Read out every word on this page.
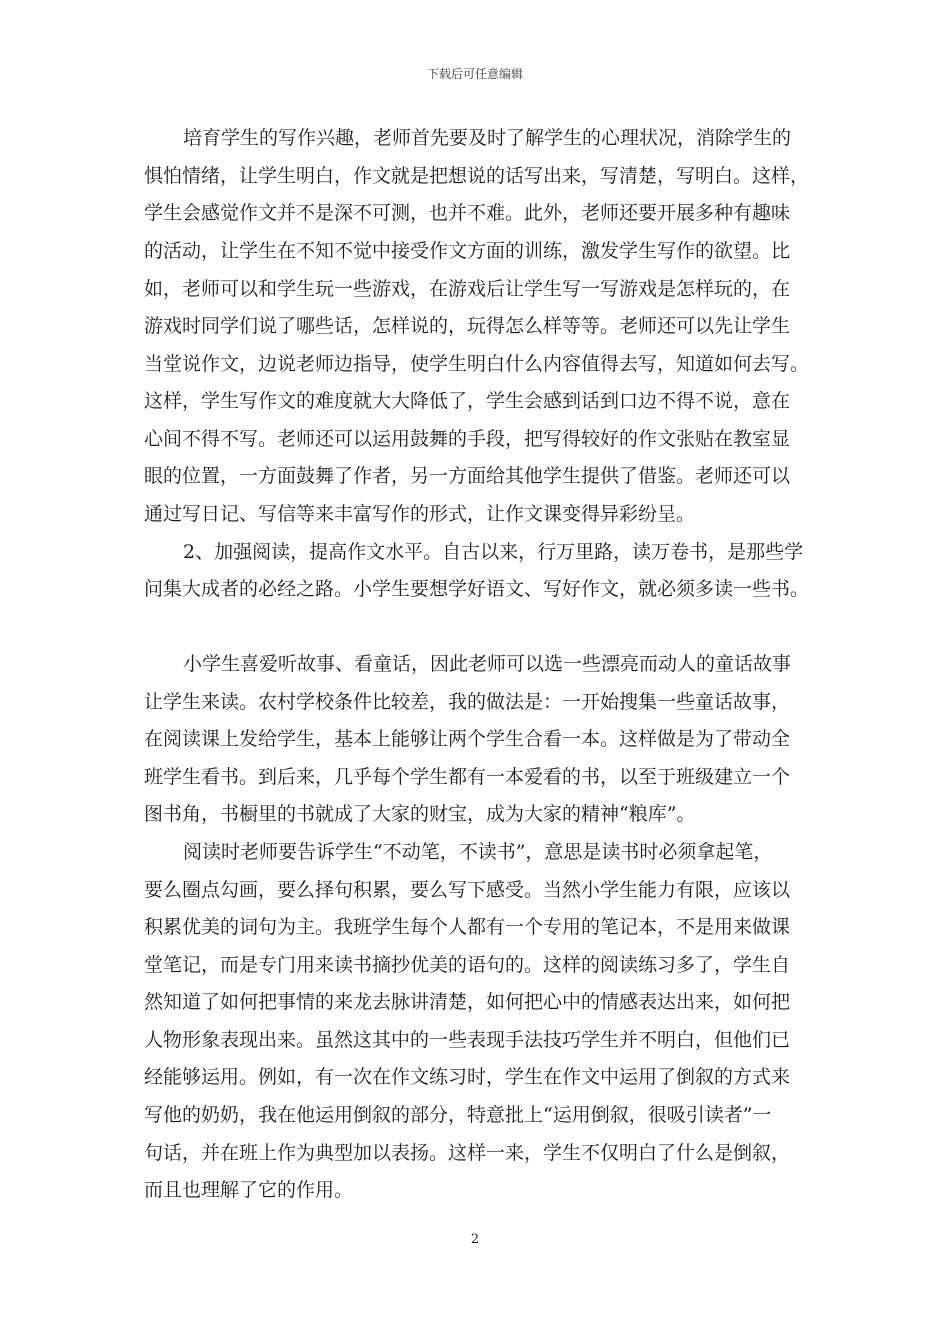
下载后可任意编辑
培育学生的写作兴趣，老师首先要及时了解学生的心理状况，消除学生的
惧怕情绪，让学生明白，作文就是把想说的话写出来，写清楚，写明白。这样，
学生会感觉作文并不是深不可测，也并不难。此外，老师还要开展多种有趣味
的活动，让学生在不知不觉中接受作文方面的训练，激发学生写作的欲望。比
如，老师可以和学生玩一些游戏，在游戏后让学生写一写游戏是怎样玩的，在
游戏时同学们说了哪些话，怎样说的，玩得怎么样等等。老师还可以先让学生
当堂说作文，边说老师边指导，使学生明白什么内容值得去写，知道如何去写。
这样，学生写作文的难度就大大降低了，学生会感到话到口边不得不说，意在
心间不得不写。老师还可以运用鼓舞的手段，把写得较好的作文张贴在教室显
眼的位置，一方面鼓舞了作者，另一方面给其他学生提供了借鉴。老师还可以
通过写日记、写信等来丰富写作的形式，让作文课变得异彩纷呈。
2、加强阅读，提高作文水平。自古以来，行万里路，读万卷书，是那些学
问集大成者的必经之路。小学生要想学好语文、写好作文，就必须多读一些书。
小学生喜爱听故事、看童话，因此老师可以选一些漂亮而动人的童话故事
让学生来读。农村学校条件比较差，我的做法是：一开始搜集一些童话故事，
在阅读课上发给学生，基本上能够让两个学生合看一本。这样做是为了带动全
班学生看书。到后来，几乎每个学生都有一本爱看的书，以至于班级建立一个
图书角，书橱里的书就成了大家的财宝，成为大家的精神“粮库”。
阅读时老师要告诉学生“不动笔，不读书”，意思是读书时必须拿起笔，
要么圈点勾画，要么择句积累，要么写下感受。当然小学生能力有限，应该以
积累优美的词句为主。我班学生每个人都有一个专用的笔记本，不是用来做课
堂笔记，而是专门用来读书摘抄优美的语句的。这样的阅读练习多了，学生自
然知道了如何把事情的来龙去脉讲清楚，如何把心中的情感表达出来，如何把
人物形象表现出来。虽然这其中的一些表现手法技巧学生并不明白，但他们已
经能够运用。例如，有一次在作文练习时，学生在作文中运用了倒叙的方式来
写他的奶奶，我在他运用倒叙的部分，特意批上“运用倒叙，很吸引读者”一
句话，并在班上作为典型加以表扬。这样一来，学生不仅明白了什么是倒叙，
而且也理解了它的作用。
2
